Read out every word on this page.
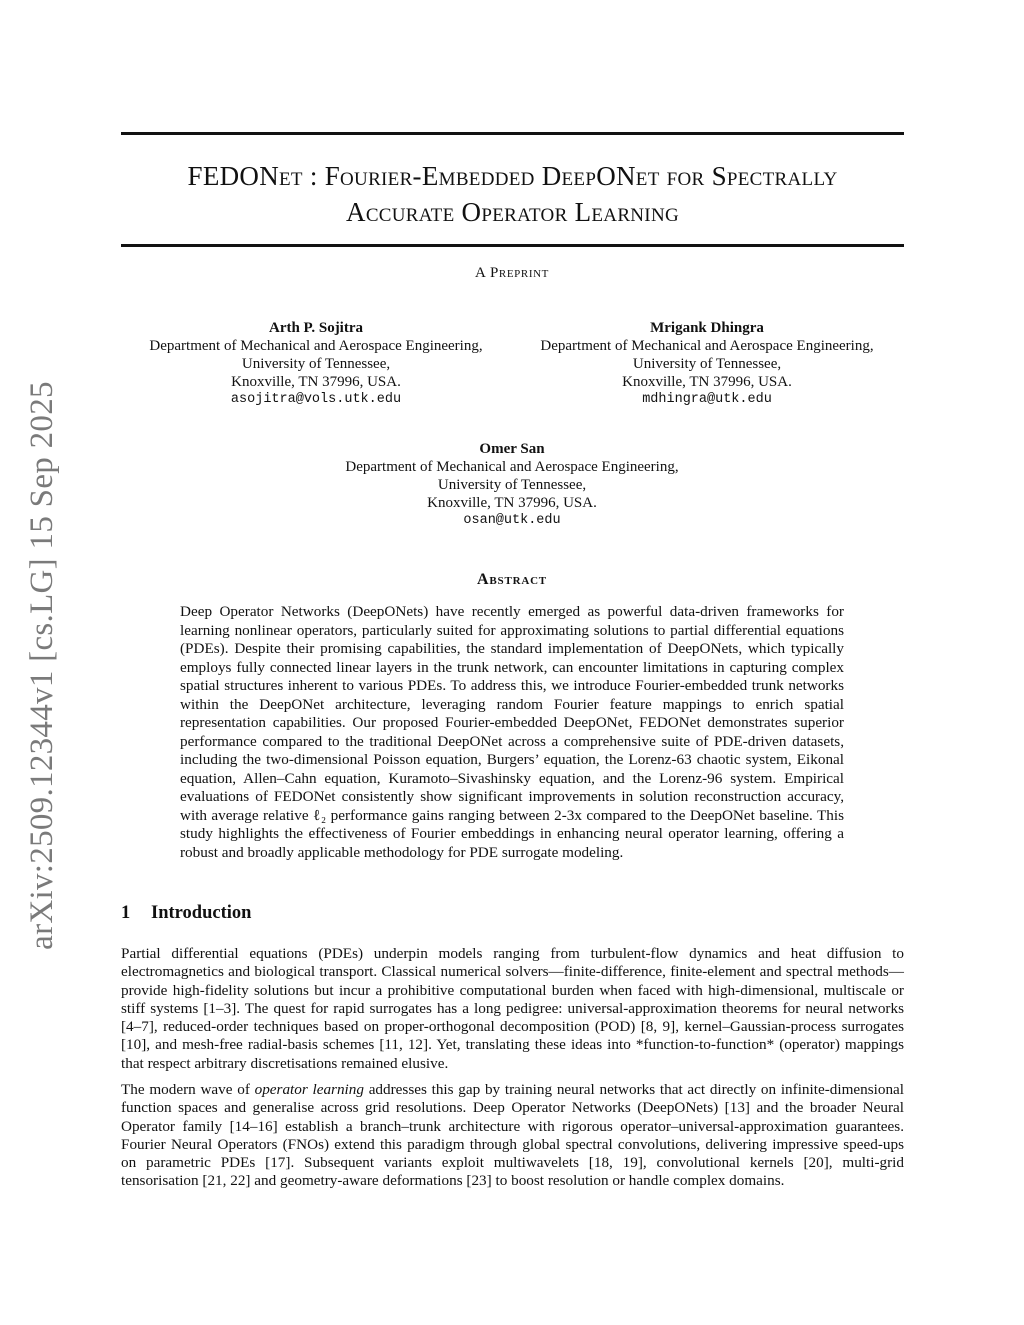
arXiv:2509.12344v1 [cs.LG] 15 Sep 2025
FEDONet : Fourier-Embedded DeepONet for Spectrally
Accurate Operator Learning
A Preprint
Arth P. Sojitra
Department of Mechanical and Aerospace Engineering,
University of Tennessee,
Knoxville, TN 37996, USA.
asojitra@vols.utk.edu
Mrigank Dhingra
Department of Mechanical and Aerospace Engineering,
University of Tennessee,
Knoxville, TN 37996, USA.
mdhingra@utk.edu
Omer San
Department of Mechanical and Aerospace Engineering,
University of Tennessee,
Knoxville, TN 37996, USA.
osan@utk.edu
Abstract
Deep Operator Networks (DeepONets) have recently emerged as powerful data-driven frameworks for learning nonlinear operators, particularly suited for approximating solutions to partial differential equations (PDEs). Despite their promising capabilities, the standard implementation of DeepONets, which typically employs fully connected linear layers in the trunk network, can encounter limitations in capturing complex spatial structures inherent to various PDEs. To address this, we introduce Fourier-embedded trunk networks within the DeepONet architecture, leveraging random Fourier feature mappings to enrich spatial representation capabilities. Our proposed Fourier-embedded DeepONet, FEDONet demonstrates superior performance compared to the traditional DeepONet across a comprehensive suite of PDE-driven datasets, including the two-dimensional Poisson equation, Burgers’ equation, the Lorenz-63 chaotic system, Eikonal equation, Allen–Cahn equation, Kuramoto–Sivashinsky equation, and the Lorenz-96 system. Empirical evaluations of FEDONet consistently show significant improvements in solution reconstruction accuracy, with average relative ℓ₂ performance gains ranging between 2-3x compared to the DeepONet baseline. This study highlights the effectiveness of Fourier embeddings in enhancing neural operator learning, offering a robust and broadly applicable methodology for PDE surrogate modeling.
1 Introduction
Partial differential equations (PDEs) underpin models ranging from turbulent-flow dynamics and heat diffusion to electromagnetics and biological transport. Classical numerical solvers—finite-difference, finite-element and spectral methods—provide high-fidelity solutions but incur a prohibitive computational burden when faced with high-dimensional, multiscale or stiff systems [1–3]. The quest for rapid surrogates has a long pedigree: universal-approximation theorems for neural networks [4–7], reduced-order techniques based on proper-orthogonal decomposition (POD) [8, 9], kernel–Gaussian-process surrogates [10], and mesh-free radial-basis schemes [11, 12]. Yet, translating these ideas into *function-to-function* (operator) mappings that respect arbitrary discretisations remained elusive.
The modern wave of operator learning addresses this gap by training neural networks that act directly on infinite-dimensional function spaces and generalise across grid resolutions. Deep Operator Networks (DeepONets) [13] and the broader Neural Operator family [14–16] establish a branch–trunk architecture with rigorous operator–universal-approximation guarantees. Fourier Neural Operators (FNOs) extend this paradigm through global spectral convolutions, delivering impressive speed-ups on parametric PDEs [17]. Subsequent variants exploit multiwavelets [18, 19], convolutional kernels [20], multi-grid tensorisation [21, 22] and geometry-aware deformations [23] to boost resolution or handle complex domains.
